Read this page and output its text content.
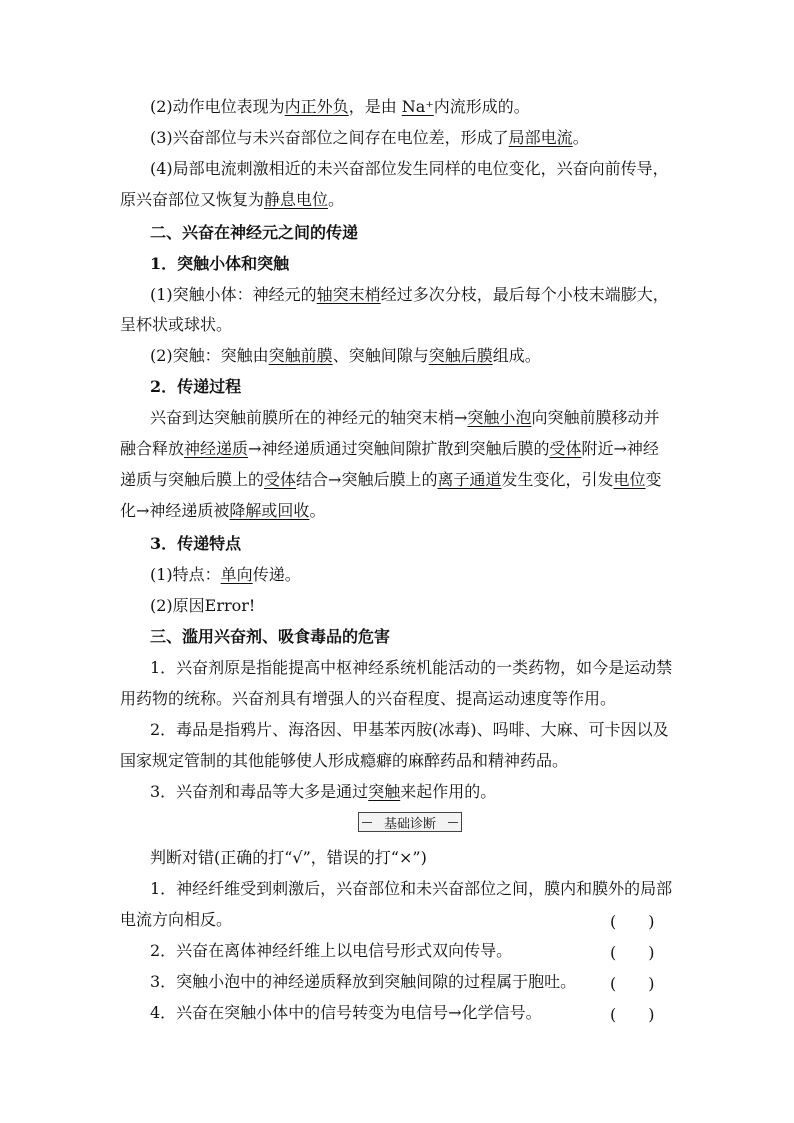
(2)动作电位表现为内正外负，是由 Na⁺内流形成的。
(3)兴奋部位与未兴奋部位之间存在电位差，形成了局部电流。
(4)局部电流刺激相近的未兴奋部位发生同样的电位变化，兴奋向前传导，
原兴奋部位又恢复为静息电位。
二、兴奋在神经元之间的传递
1．突触小体和突触
(1)突触小体：神经元的轴突末梢经过多次分枝，最后每个小枝末端膨大，
呈杯状或球状。
(2)突触：突触由突触前膜、突触间隙与突触后膜组成。
2．传递过程
兴奋到达突触前膜所在的神经元的轴突末梢→突触小泡向突触前膜移动并
融合释放神经递质→神经递质通过突触间隙扩散到突触后膜的受体附近→神经
递质与突触后膜上的受体结合→突触后膜上的离子通道发生变化，引发电位变
化→神经递质被降解或回收。
3．传递特点
(1)特点：单向传递。
(2)原因Error!
三、滥用兴奋剂、吸食毒品的危害
1．兴奋剂原是指能提高中枢神经系统机能活动的一类药物，如今是运动禁
用药物的统称。兴奋剂具有增强人的兴奋程度、提高运动速度等作用。
2．毒品是指鸦片、海洛因、甲基苯丙胺(冰毒)、吗啡、大麻、可卡因以及
国家规定管制的其他能够使人形成瘾癖的麻醉药品和精神药品。
3．兴奋剂和毒品等大多是通过突触来起作用的。
基础诊断
判断对错(正确的打“√”，错误的打“×”)
1．神经纤维受到刺激后，兴奋部位和未兴奋部位之间，膜内和膜外的局部
电流方向相反。	(　　)
2．兴奋在离体神经纤维上以电信号形式双向传导。	(　　)
3．突触小泡中的神经递质释放到突触间隙的过程属于胞吐。	(　　)
4．兴奋在突触小体中的信号转变为电信号→化学信号。	(　　)
